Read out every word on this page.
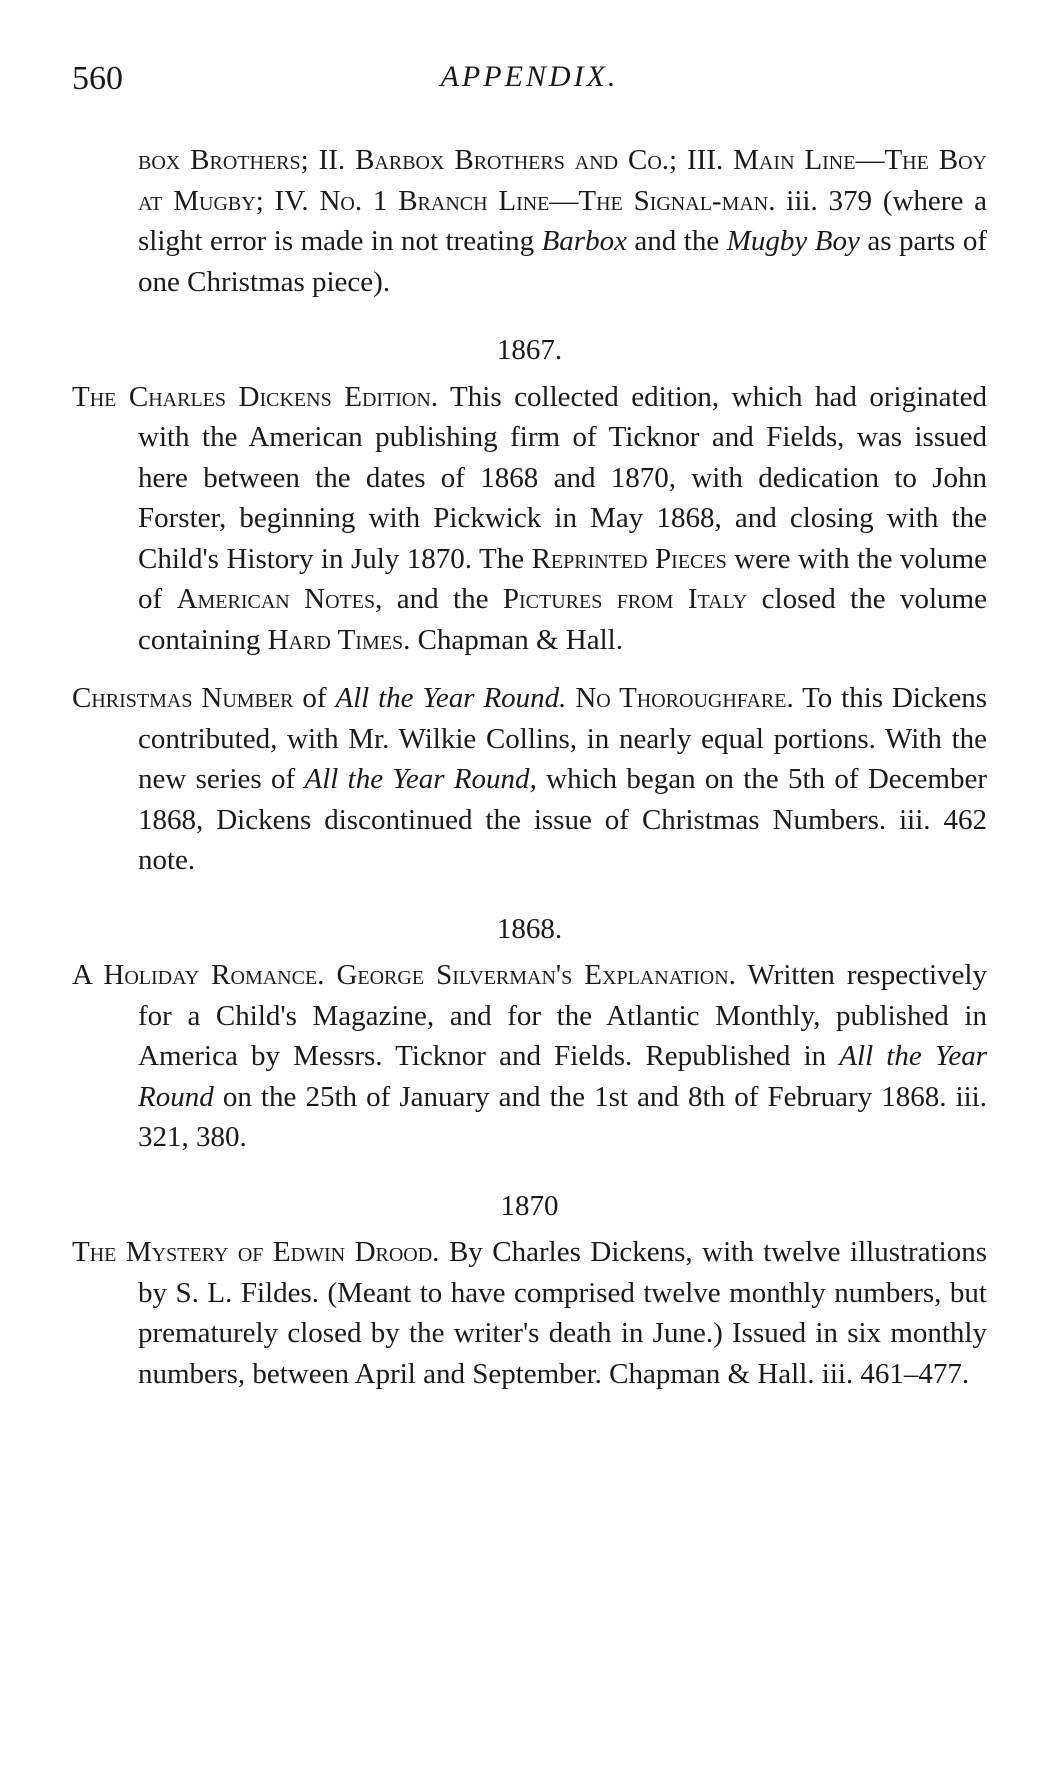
560	APPENDIX.

box Brothers; II. Barbox Brothers and Co.; III. Main Line—The Boy at Mugby; IV. No. 1 Branch Line—The Signal-man. iii. 379 (where a slight error is made in not treating Barbox and the Mugby Boy as parts of one Christmas piece).

1867.

The Charles Dickens Edition. This collected edition, which had originated with the American publishing firm of Ticknor and Fields, was issued here between the dates of 1868 and 1870, with dedication to John Forster, beginning with Pickwick in May 1868, and closing with the Child's History in July 1870. The Reprinted Pieces were with the volume of American Notes, and the Pictures from Italy closed the volume containing Hard Times. Chapman & Hall.

Christmas Number of All the Year Round. No Thoroughfare. To this Dickens contributed, with Mr. Wilkie Collins, in nearly equal portions. With the new series of All the Year Round, which began on the 5th of December 1868, Dickens discontinued the issue of Christmas Numbers. iii. 462 note.

1868.

A Holiday Romance. George Silverman's Explanation. Written respectively for a Child's Magazine, and for the Atlantic Monthly, published in America by Messrs. Ticknor and Fields. Republished in All the Year Round on the 25th of January and the 1st and 8th of February 1868. iii. 321, 380.

1870

The Mystery of Edwin Drood. By Charles Dickens, with twelve illustrations by S. L. Fildes. (Meant to have comprised twelve monthly numbers, but prematurely closed by the writer's death in June.) Issued in six monthly numbers, between April and September. Chapman & Hall. iii. 461–477.
